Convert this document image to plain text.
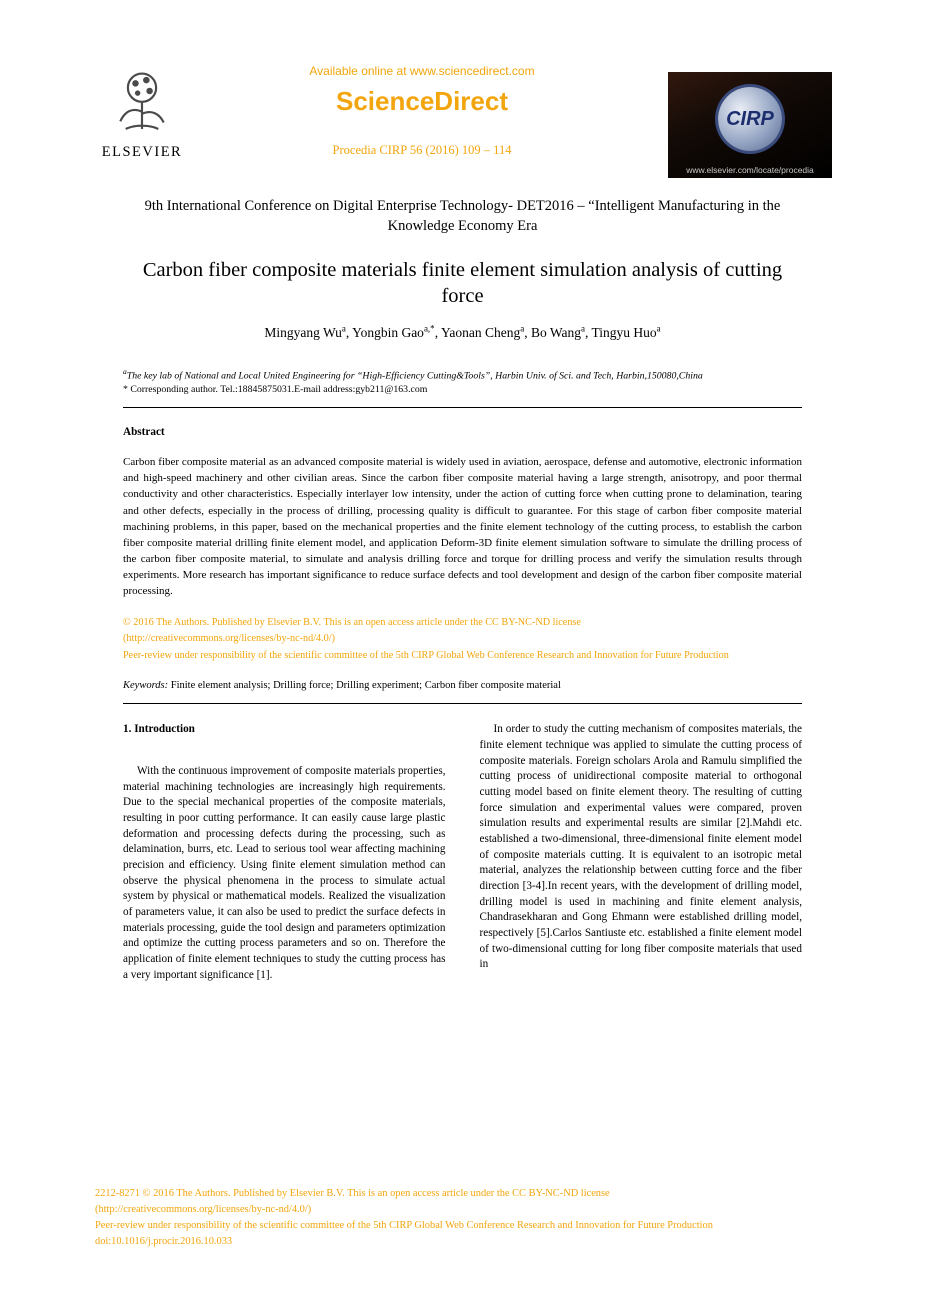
ELSEVIER
Available online at www.sciencedirect.com
ScienceDirect
Procedia CIRP 56 (2016) 109 – 114
CIRP
www.elsevier.com/locate/procedia
9th International Conference on Digital Enterprise Technology- DET2016 – “Intelligent Manufacturing in the Knowledge Economy Era
Carbon fiber composite materials finite element simulation analysis of cutting force
Mingyang Wu$^a$, Yongbin Gao$^{a,*}$, Yaonan Cheng$^a$, Bo Wang$^a$, Tingyu Huo$^a$
$^a$The key lab of National and Local United Engineering for “High-Efficiency Cutting&Tools”, Harbin Univ. of Sci. and Tech, Harbin,150080,China
* Corresponding author. Tel.:18845875031.E-mail address:gyb211@163.com
Abstract
Carbon fiber composite material as an advanced composite material is widely used in aviation, aerospace, defense and automotive, electronic information and high-speed machinery and other civilian areas. Since the carbon fiber composite material having a large strength, anisotropy, and poor thermal conductivity and other characteristics. Especially interlayer low intensity, under the action of cutting force when cutting prone to delamination, tearing and other defects, especially in the process of drilling, processing quality is difficult to guarantee. For this stage of carbon fiber composite material machining problems, in this paper, based on the mechanical properties and the finite element technology of the cutting process, to establish the carbon fiber composite material drilling finite element model, and application Deform-3D finite element simulation software to simulate the drilling process of the carbon fiber composite material, to simulate and analysis drilling force and torque for drilling process and verify the simulation results through experiments. More research has important significance to reduce surface defects and tool development and design of the carbon fiber composite material processing.
© 2016 The Authors. Published by Elsevier B.V. This is an open access article under the CC BY-NC-ND license
(http://creativecommons.org/licenses/by-nc-nd/4.0/)
Peer-review under responsibility of the scientific committee of the 5th CIRP Global Web Conference Research and Innovation for Future Production
Keywords: Finite element analysis; Drilling force; Drilling experiment; Carbon fiber composite material
1. Introduction

With the continuous improvement of composite materials properties, material machining technologies are increasingly high requirements. Due to the special mechanical properties of the composite materials, resulting in poor cutting performance. It can easily cause large plastic deformation and processing defects during the processing, such as delamination, burrs, etc. Lead to serious tool wear affecting machining precision and efficiency. Using finite element simulation method can observe the physical phenomena in the process to simulate actual system by physical or mathematical models. Realized the visualization of parameters value, it can also be used to predict the surface defects in materials processing, guide the tool design and parameters optimization and optimize the cutting process parameters and so on. Therefore the application of finite element techniques to study the cutting process has a very important significance [1].

In order to study the cutting mechanism of composites materials, the finite element technique was applied to simulate the cutting process of composite materials. Foreign scholars Arola and Ramulu simplified the cutting process of unidirectional composite material to orthogonal cutting model based on finite element theory. The resulting of cutting force simulation and experimental values were compared, proven simulation results and experimental results are similar [2].Mahdi etc. established a two-dimensional, three-dimensional finite element model of composite materials cutting. It is equivalent to an isotropic metal material, analyzes the relationship between cutting force and the fiber direction [3-4].In recent years, with the development of drilling model, drilling model is used in machining and finite element analysis, Chandrasekharan and Gong Ehmann were established drilling model, respectively [5].Carlos Santiuste etc. established a finite element model of two-dimensional cutting for long fiber composite materials that used in

2212-8271 © 2016 The Authors. Published by Elsevier B.V. This is an open access article under the CC BY-NC-ND license
(http://creativecommons.org/licenses/by-nc-nd/4.0/)
Peer-review under responsibility of the scientific committee of the 5th CIRP Global Web Conference Research and Innovation for Future Production
doi:10.1016/j.procir.2016.10.033
